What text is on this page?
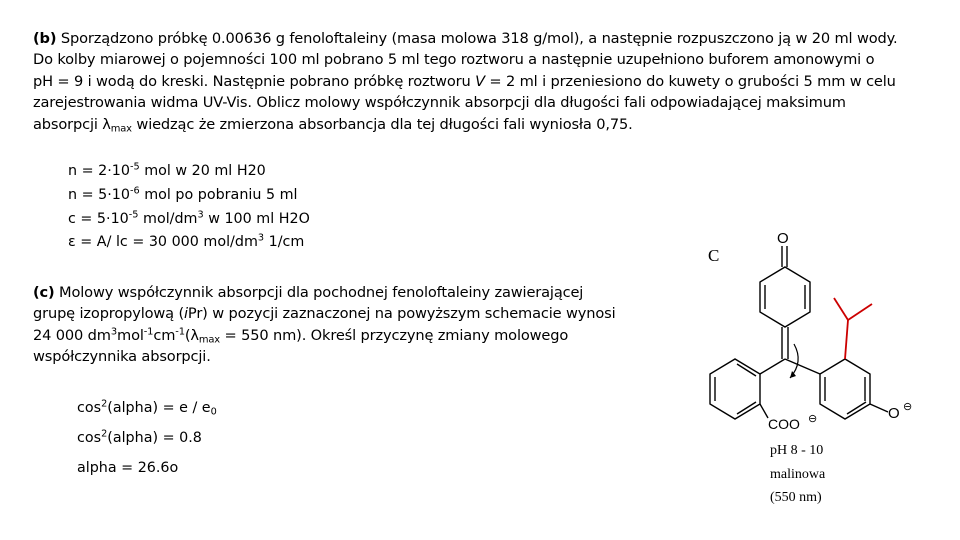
(b) Sporządzono próbkę 0.00636 g fenoloftaleiny (masa molowa 318 g/mol), a następnie rozpuszczono ją w 20 ml wody.
Do kolby miarowej o pojemności 100 ml pobrano 5 ml tego roztworu a następnie uzupełniono buforem amonowymi o
pH = 9 i wodą do kreski. Następnie pobrano próbkę roztworu V = 2 ml i przeniesiono do kuwety o grubości 5 mm w celu
zarejestrowania widma UV-Vis. Oblicz molowy współczynnik absorpcji dla długości fali odpowiadającej maksimum
absorpcji $\lambda_{max}$ wiedząc że zmierzona absorbancja dla tej długości fali wyniosła 0,75.
$n = 2\cdot 10^{-5}$ mol w 20 ml H20
$n = 5\cdot 10^{-6}$ mol po pobraniu 5 ml
$c = 5\cdot 10^{-5}$ mol/$dm^3$ w 100 ml H2O
ε = A/ lc = 30 000 mol/$dm^3$ 1/cm
(c) Molowy współczynnik absorpcji dla pochodnej fenoloftaleiny zawierającej
grupę izopropylową (iPr) w pozycji zaznaczonej na powyższym schemacie wynosi
24 000 $dm^3mol^{-1}cm^{-1}(\lambda_{max} = 550$ nm). Określ przyczynę zmiany molowego
współczynnika absorpcji.
$\cos^2(alpha) = e / e_0$
$\cos^2(alpha) = 0.8$
alpha = 26.6o
C
O
COO ⊖	O ⊖
pH 8 - 10
malinowa
(550 nm)
